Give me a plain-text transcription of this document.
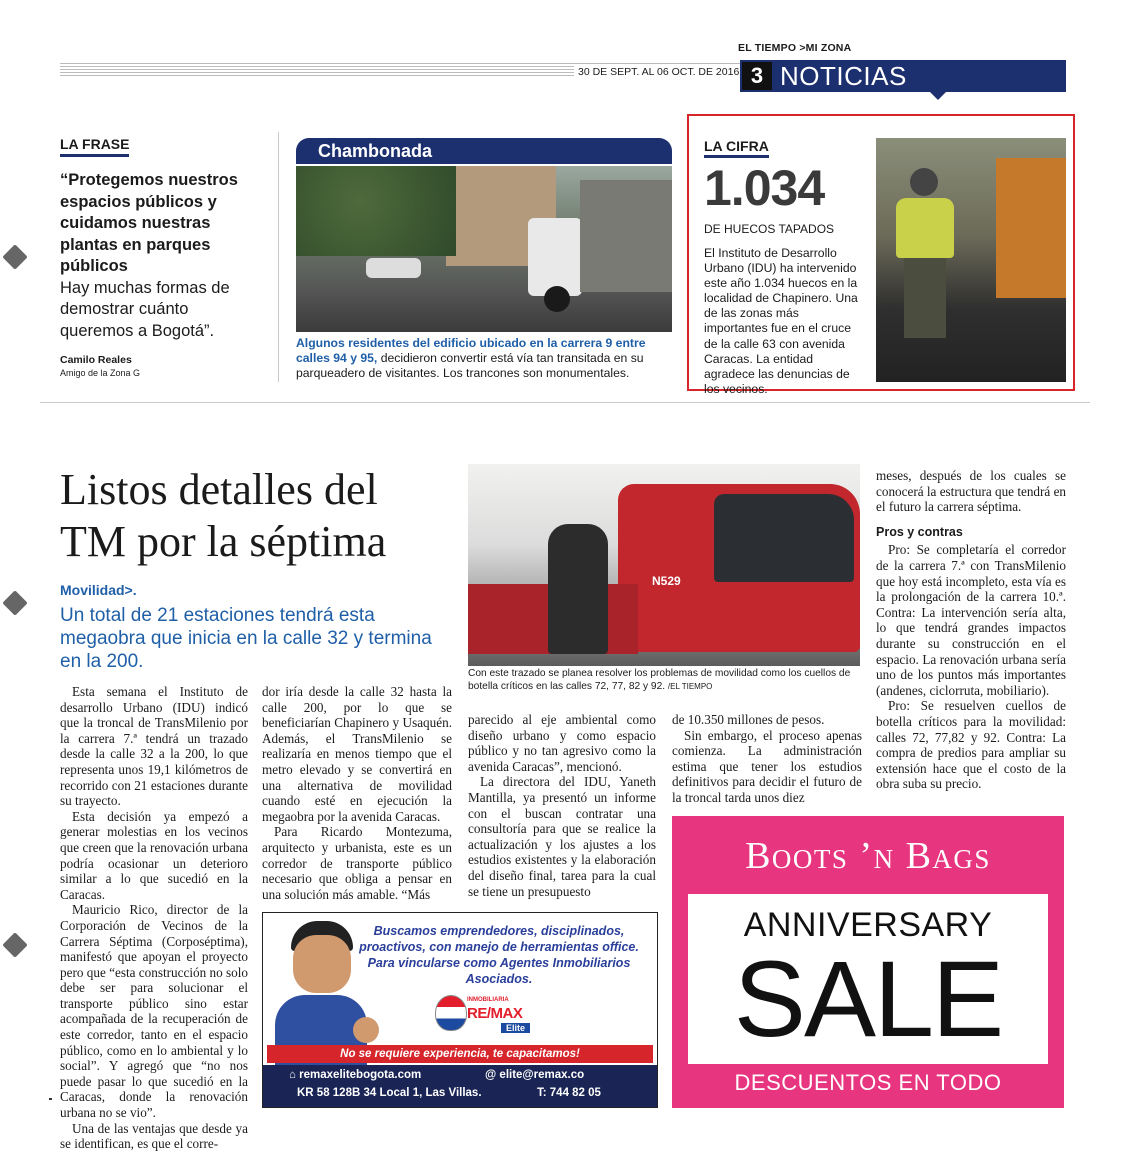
EL TIEMPO >MI ZONA
30 DE SEPT. AL 06 OCT. DE 2016 3 NOTICIAS
LA FRASE
“Protegemos nuestros espacios públicos y cuidamos nuestras plantas en parques públicos
Hay muchas formas de demostrar cuánto queremos a Bogotá”.
Camilo Reales
Amigo de la Zona G
Chambonada
Algunos residentes del edificio ubicado en la carrera 9 entre calles 94 y 95, decidieron convertir está vía tan transitada en su parqueadero de visitantes. Los trancones son monumentales.
LA CIFRA
1.034
DE HUECOS TAPADOS
El Instituto de Desarrollo Urbano (IDU) ha intervenido este año 1.034 huecos en la localidad de Chapinero. Una de las zonas más importantes fue en el cruce de la calle 63 con avenida Caracas. La entidad agradece las denuncias de los vecinos.
Listos detalles del TM por la séptima
Movilidad>.
Un total de 21 estaciones tendrá esta megaobra que inicia en la calle 32 y termina en la 200.
N529
Con este trazado se planea resolver los problemas de movilidad como los cuellos de botella críticos en las calles 72, 77, 82 y 92. /EL TIEMPO

Esta semana el Instituto de desarrollo Urbano (IDU) indicó que la troncal de TransMilenio por la carrera 7.ª tendrá un trazado desde la calle 32 a la 200, lo que representa unos 19,1 kilómetros de recorrido con 21 estaciones durante su trayecto.

Esta decisión ya empezó a generar molestias en los vecinos que creen que la renovación urbana podría ocasionar un deterioro similar a lo que sucedió en la Caracas.

Mauricio Rico, director de la Corporación de Vecinos de la Carrera Séptima (Corposéptima), manifestó que apoyan el proyecto pero que “esta construcción no solo debe ser para solucionar el transporte público sino estar acompañada de la recuperación de este corredor, tanto en el espacio público, como en lo ambiental y lo social”. Y agregó que “no nos puede pasar lo que sucedió en la Caracas, donde la renovación urbana no se vio”.

Una de las ventajas que desde ya se identifican, es que el corre-

dor iría desde la calle 32 hasta la calle 200, por lo que se beneficiarían Chapinero y Usaquén. Además, el TransMilenio se realizaría en menos tiempo que el metro elevado y se convertirá en una alternativa de movilidad cuando esté en ejecución la megaobra por la avenida Caracas.

Para Ricardo Montezuma, arquitecto y urbanista, este es un corredor de transporte público necesario que obliga a pensar en una solución más amable. “Más

parecido al eje ambiental como diseño urbano y como espacio público y no tan agresivo como la avenida Caracas”, mencionó.

La directora del IDU, Yaneth Mantilla, ya presentó un informe con el buscan contratar una consultoría para que se realice la actualización y los ajustes a los estudios existentes y la elaboración del diseño final, tarea para la cual se tiene un presupuesto

de 10.350 millones de pesos.

Sin embargo, el proceso apenas comienza. La administración estima que tener los estudios definitivos para decidir el futuro de la troncal tarda unos diez

meses, después de los cuales se conocerá la estructura que tendrá en el futuro la carrera séptima.

Pros y contras

Pro: Se completaría el corredor de la carrera 7.ª con TransMilenio que hoy está incompleto, esta vía es la prolongación de la carrera 10.ª. Contra: La intervención sería alta, lo que tendrá grandes impactos durante su construcción en el espacio. La renovación urbana sería uno de los puntos más importantes (andenes, ciclorruta, mobiliario).

Pro: Se resuelven cuellos de botella críticos para la movilidad: calles 72, 77,82 y 92. Contra: La compra de predios para ampliar su extensión hace que el costo de la obra suba su precio.

Buscamos emprendedores, disciplinados, proactivos, con manejo de herramientas office. Para vincularse como Agentes Inmobiliarios Asociados.
INMOBILIARIA
RE/MAX
Elite
No se requiere experiencia, te capacitamos!
⌂ remaxelitebogota.com	@ elite@remax.co
KR 58 128B 34 Local 1, Las Villas.	T: 744 82 05
Boots ’n Bags
ANNIVERSARY
SALE
DESCUENTOS EN TODO
